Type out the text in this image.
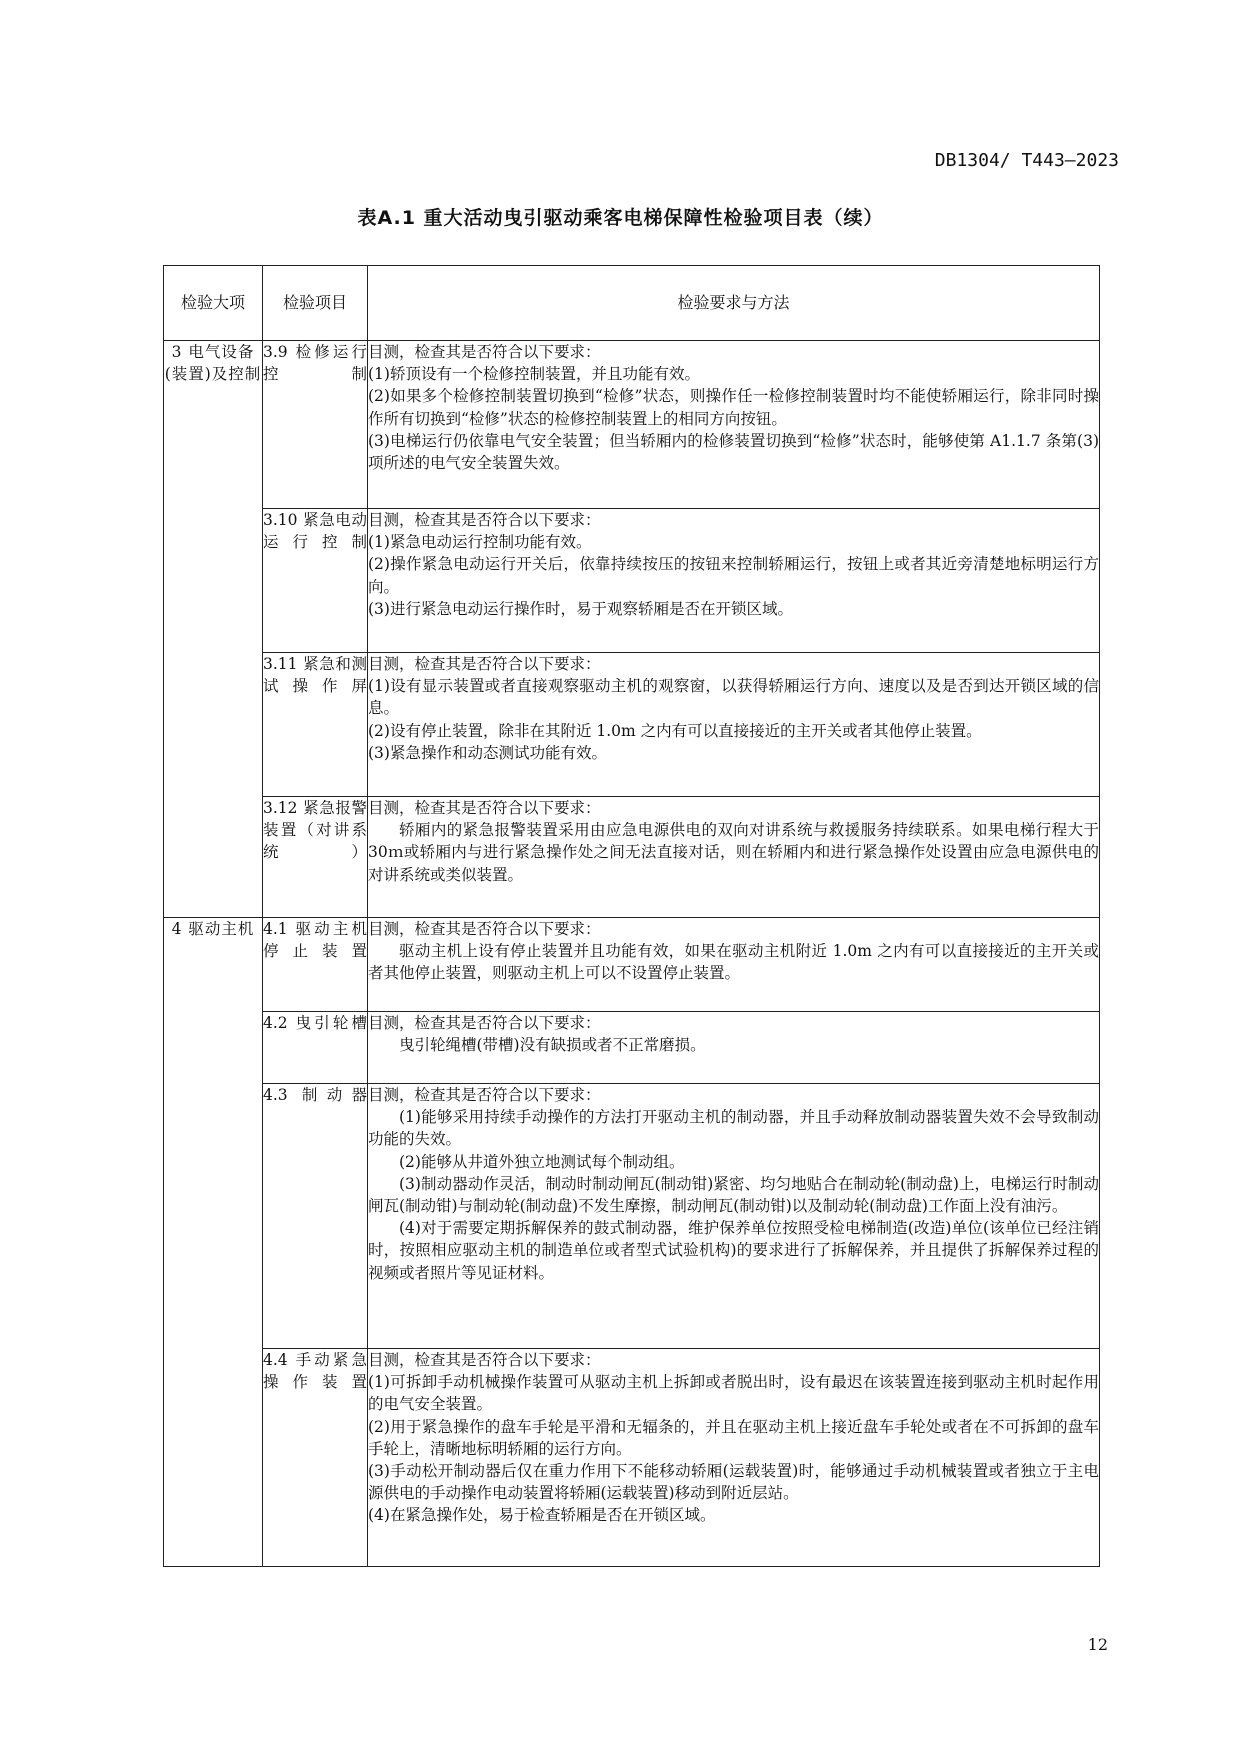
DB1304/ T443—2023
表A.1 重大活动曳引驱动乘客电梯保障性检验项目表（续）
检验大项	检验项目	检验要求与方法
3 电气设备(装置)及控制	3.9 检修运行控制	目测，检查其是否符合以下要求：

(1)轿顶设有一个检修控制装置，并且功能有效。

(2)如果多个检修控制装置切换到“检修”状态，则操作任一检修控制装置时均不能使轿厢运行，除非同时操作所有切换到“检修”状态的检修控制装置上的相同方向按钮。

(3)电梯运行仍依靠电气安全装置；但当轿厢内的检修装置切换到“检修”状态时，能够使第 A1.1.7 条第(3)项所述的电气安全装置失效。

	3.10 紧急电动运行控制	目测，检查其是否符合以下要求：

(1)紧急电动运行控制功能有效。

(2)操作紧急电动运行开关后，依靠持续按压的按钮来控制轿厢运行，按钮上或者其近旁清楚地标明运行方向。

(3)进行紧急电动运行操作时，易于观察轿厢是否在开锁区域。

	3.11 紧急和测试操作屏	目测，检查其是否符合以下要求：

(1)设有显示装置或者直接观察驱动主机的观察窗，以获得轿厢运行方向、速度以及是否到达开锁区域的信息。

(2)设有停止装置，除非在其附近 1.0m 之内有可以直接接近的主开关或者其他停止装置。

(3)紧急操作和动态测试功能有效。

	3.12 紧急报警装置（对讲系统）	目测，检查其是否符合以下要求：

轿厢内的紧急报警装置采用由应急电源供电的双向对讲系统与救援服务持续联系。如果电梯行程大于 30ｍ或轿厢内与进行紧急操作处之间无法直接对话，则在轿厢内和进行紧急操作处设置由应急电源供电的对讲系统或类似装置。

4 驱动主机	4.1 驱动主机停止装置	目测，检查其是否符合以下要求：

驱动主机上设有停止装置并且功能有效，如果在驱动主机附近 1.0m 之内有可以直接接近的主开关或者其他停止装置，则驱动主机上可以不设置停止装置。

	4.2 曳引轮槽	目测，检查其是否符合以下要求：

曳引轮绳槽(带槽)没有缺损或者不正常磨损。

	4.3 制动器	目测，检查其是否符合以下要求：

(1)能够采用持续手动操作的方法打开驱动主机的制动器，并且手动释放制动器装置失效不会导致制动功能的失效。

(2)能够从井道外独立地测试每个制动组。

(3)制动器动作灵活，制动时制动闸瓦(制动钳)紧密、均匀地贴合在制动轮(制动盘)上，电梯运行时制动闸瓦(制动钳)与制动轮(制动盘)不发生摩擦，制动闸瓦(制动钳)以及制动轮(制动盘)工作面上没有油污。

(4)对于需要定期拆解保养的鼓式制动器，维护保养单位按照受检电梯制造(改造)单位(该单位已经注销时，按照相应驱动主机的制造单位或者型式试验机构)的要求进行了拆解保养，并且提供了拆解保养过程的视频或者照片等见证材料。

	4.4 手动紧急操作装置	目测，检查其是否符合以下要求：

(1)可拆卸手动机械操作装置可从驱动主机上拆卸或者脱出时，设有最迟在该装置连接到驱动主机时起作用的电气安全装置。

(2)用于紧急操作的盘车手轮是平滑和无辐条的，并且在驱动主机上接近盘车手轮处或者在不可拆卸的盘车手轮上，清晰地标明轿厢的运行方向。

(3)手动松开制动器后仅在重力作用下不能移动轿厢(运载装置)时，能够通过手动机械装置或者独立于主电源供电的手动操作电动装置将轿厢(运载装置)移动到附近层站。

(4)在紧急操作处，易于检查轿厢是否在开锁区域。

12
